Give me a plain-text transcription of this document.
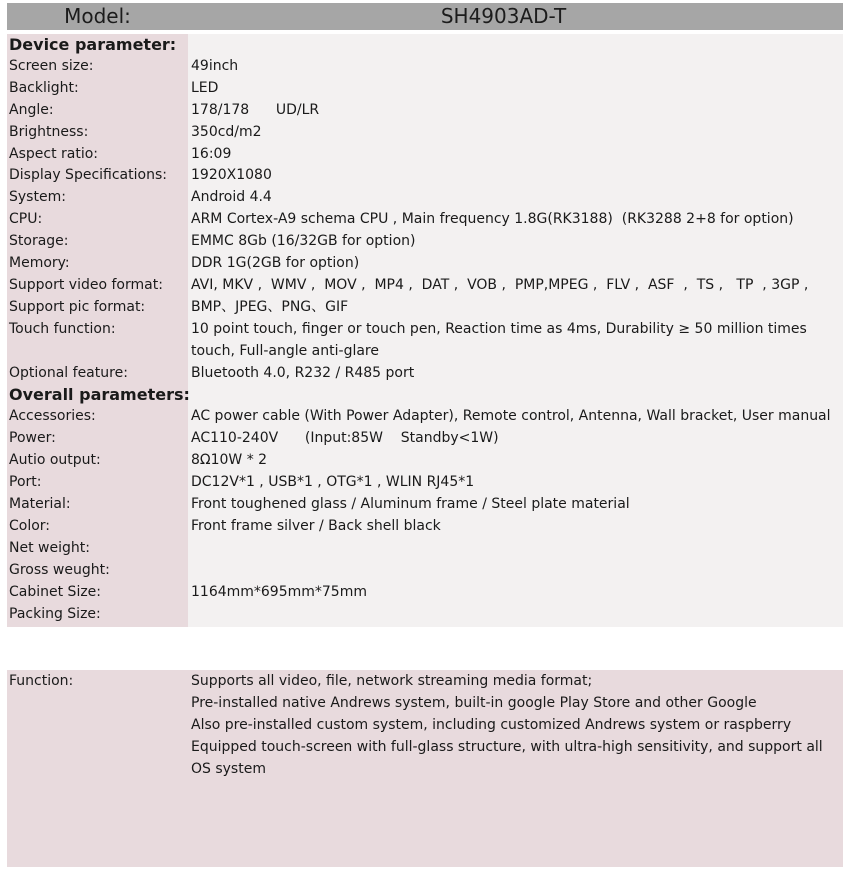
Model:	SH4903AD-T
Device parameter:
Screen size:	49inch
Backlight:	LED
Angle:	178/178      UD/LR
Brightness:	350cd/m2
Aspect ratio:	16:09
Display Specifications:	1920X1080
System:	Android 4.4
CPU:	ARM Cortex-A9 schema CPU , Main frequency 1.8G(RK3188)  (RK3288 2+8 for option)
Storage:	EMMC 8Gb (16/32GB for option)
Memory:	DDR 1G(2GB for option)
Support video format:	AVI, MKV ,  WMV ,  MOV ,  MP4 ,  DAT ,  VOB ,  PMP,MPEG ,  FLV ,  ASF  ,  TS ,   TP  , 3GP ,
Support pic format:	BMP、JPEG、PNG、GIF
Touch function:	10 point touch, finger or touch pen, Reaction time as 4ms, Durability ≥ 50 million times touch, Full-angle anti-glare
Optional feature:	Bluetooth 4.0, R232 / R485 port
Overall parameters:
Accessories:	AC power cable (With Power Adapter), Remote control, Antenna, Wall bracket, User manual
Power:	AC110-240V      (Input:85W    Standby<1W)
Autio output:	8Ω10W * 2
Port:	DC12V*1 , USB*1 , OTG*1 , WLIN RJ45*1
Material:	Front toughened glass / Aluminum frame / Steel plate material
Color:	Front frame silver / Back shell black
Net weight:
Gross weught:
Cabinet Size:	1164mm*695mm*75mm
Packing Size:
Function:	Supports all video, file, network streaming media format;
Pre-installed native Andrews system, built-in google Play Store and other Google
Also pre-installed custom system, including customized Andrews system or raspberry
Equipped touch-screen with full-glass structure, with ultra-high sensitivity, and support all OS system
